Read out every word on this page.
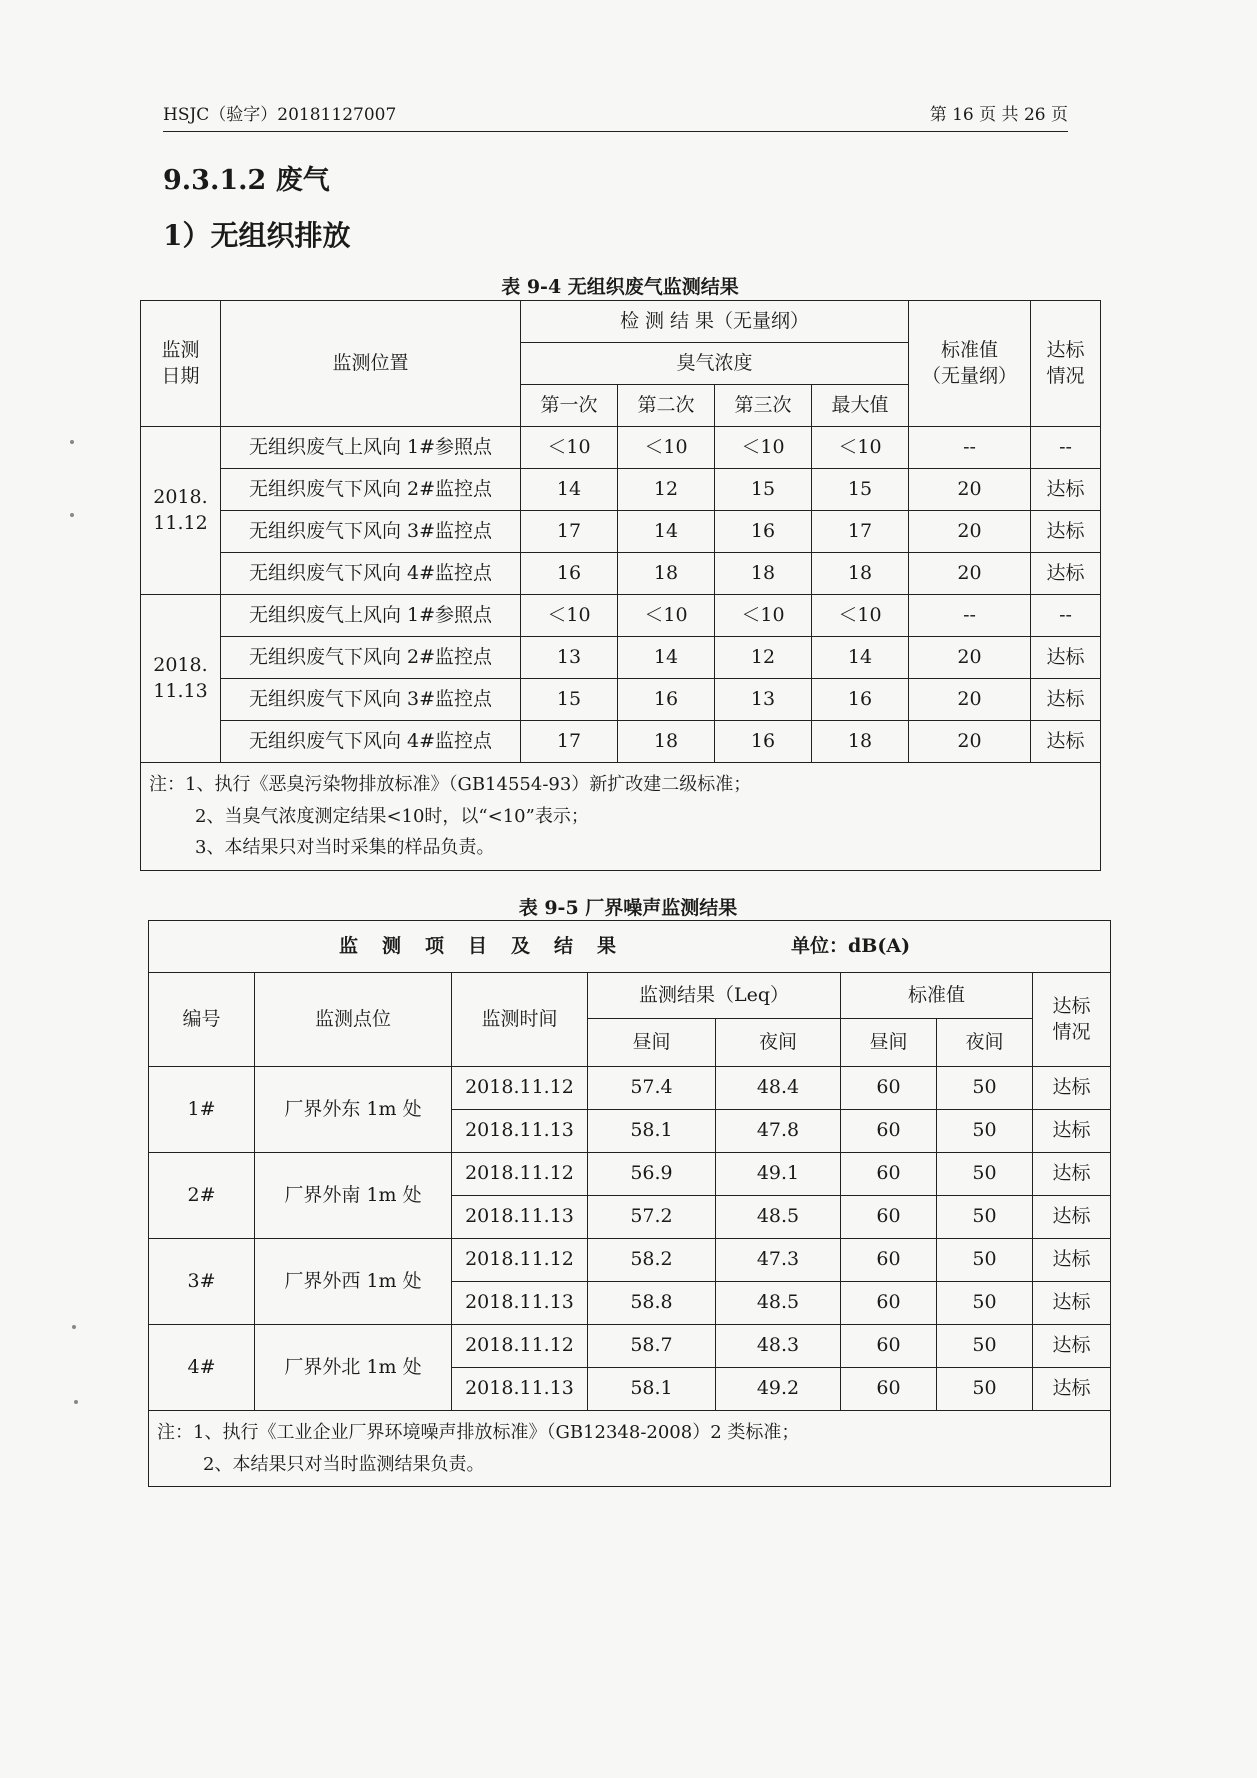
HSJC（验字）20181127007	第 16 页 共 26 页
9.3.1.2 废气
1）无组织排放
表 9-4 无组织废气监测结果
监测
日期	监测位置	检 测 结 果（无量纲）				标准值
（无量纲）	达标
情况
		臭气浓度					
		第一次	第二次	第三次	最大值		
2018.
11.12	无组织废气上风向 1#参照点	＜10	＜10	＜10	＜10	--	--
	无组织废气下风向 2#监控点	14	12	15	15	20	达标
	无组织废气下风向 3#监控点	17	14	16	17	20	达标
	无组织废气下风向 4#监控点	16	18	18	18	20	达标
2018.
11.13	无组织废气上风向 1#参照点	＜10	＜10	＜10	＜10	--	--
	无组织废气下风向 2#监控点	13	14	12	14	20	达标
	无组织废气下风向 3#监控点	15	16	13	16	20	达标
	无组织废气下风向 4#监控点	17	18	16	18	20	达标

注：1、执行《恶臭污染物排放标准》（GB14554-93）新扩改建二级标准；
2、当臭气浓度测定结果<10时，以“<10”表示；
3、本结果只对当时采集的样品负责。							
表 9-5 厂界噪声监测结果
监测项目及结果 单位：dB(A)							

编号	监测点位	监测时间	监测结果（Leq）		标准值		达标
情况
			昼间	夜间	昼间	夜间	
1#	厂界外东 1m 处	2018.11.12	57.4	48.4	60	50	达标
		2018.11.13	58.1	47.8	60	50	达标
2#	厂界外南 1m 处	2018.11.12	56.9	49.1	60	50	达标
		2018.11.13	57.2	48.5	60	50	达标
3#	厂界外西 1m 处	2018.11.12	58.2	47.3	60	50	达标
		2018.11.13	58.8	48.5	60	50	达标
4#	厂界外北 1m 处	2018.11.12	58.7	48.3	60	50	达标
		2018.11.13	58.1	49.2	60	50	达标

注：1、执行《工业企业厂界环境噪声排放标准》（GB12348-2008）2 类标准；
2、本结果只对当时监测结果负责。							
